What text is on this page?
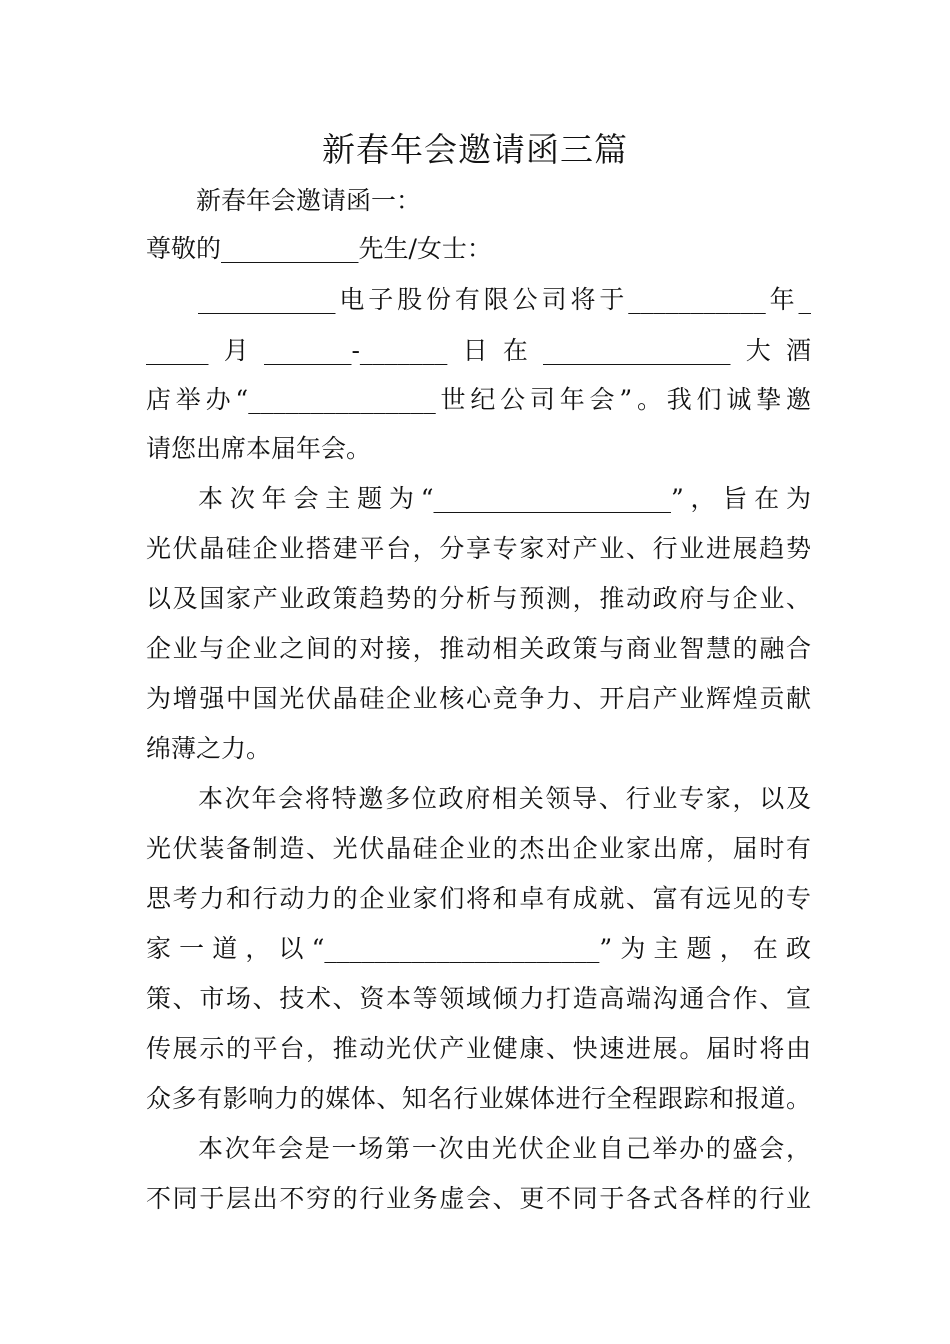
新春年会邀请函三篇
新春年会邀请函一：
尊敬的___________先生/女士：
___________电子股份有限公司将于___________年_
_____月_______-_______日在_______________大酒
店举办“_______________世纪公司年会”。我们诚挚邀
请您出席本届年会。
本次年会主题为“___________________”，旨在为
光伏晶硅企业搭建平台，分享专家对产业、行业进展趋势
以及国家产业政策趋势的分析与预测，推动政府与企业、
企业与企业之间的对接，推动相关政策与商业智慧的融合
为增强中国光伏晶硅企业核心竞争力、开启产业辉煌贡献
绵薄之力。
本次年会将特邀多位政府相关领导、行业专家，以及
光伏装备制造、光伏晶硅企业的杰出企业家出席，届时有
思考力和行动力的企业家们将和卓有成就、富有远见的专
家一道，以“______________________”为主题，在政
策、市场、技术、资本等领域倾力打造高端沟通合作、宣
传展示的平台，推动光伏产业健康、快速进展。届时将由
众多有影响力的媒体、知名行业媒体进行全程跟踪和报道。
本次年会是一场第一次由光伏企业自己举办的盛会，
不同于层出不穷的行业务虚会、更不同于各式各样的行业
